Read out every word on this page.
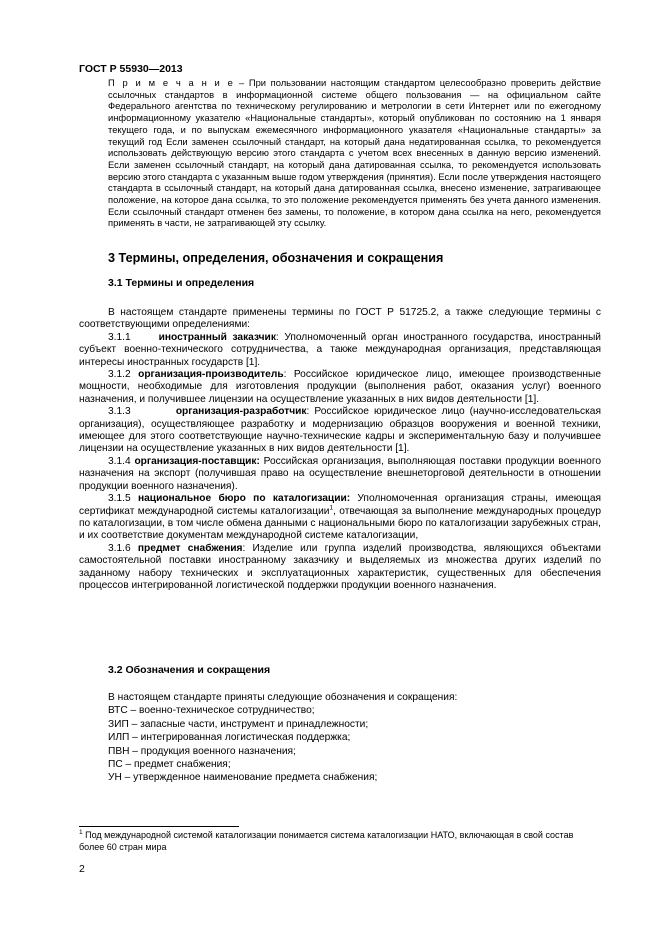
ГОСТ Р 55930—2013
П р и м е ч а н и е – При пользовании настоящим стандартом целесообразно проверить действие ссылочных стандартов в информационной системе общего пользования — на официальном сайте Федерального агентства по техническому регулированию и метрологии в сети Интернет или по ежегодному информационному указателю «Национальные стандарты», который опубликован по состоянию на 1 января текущего года, и по выпускам ежемесячного информационного указателя «Национальные стандарты» за текущий год Если заменен ссылочный стандарт, на который дана недатированная ссылка, то рекомендуется использовать действующую версию этого стандарта с учетом всех внесенных в данную версию изменений. Если заменен ссылочный стандарт, на который дана датированная ссылка, то рекомендуется использовать версию этого стандарта с указанным выше годом утверждения (принятия). Если после утверждения настоящего стандарта в ссылочный стандарт, на который дана датированная ссылка, внесено изменение, затрагивающее положение, на которое дана ссылка, то это положение рекомендуется применять без учета данного изменения. Если ссылочный стандарт отменен без замены, то положение, в котором дана ссылка на него, рекомендуется применять в части, не затрагивающей эту ссылку.
3 Термины, определения, обозначения и сокращения
3.1 Термины и определения

В настоящем стандарте применены термины по ГОСТ Р 51725.2, а также следующие термины с соответствующими определениями:

3.1.1	иностранный заказчик: Уполномоченный орган иностранного государства, иностранный субъект военно-технического сотрудничества, а также международная организация, представляющая интересы иностранных государств [1].

3.1.2 организация-производитель: Российское юридическое лицо, имеющее производственные мощности, необходимые для изготовления продукции (выполнения работ, оказания услуг) военного назначения, и получившее лицензии на осуществление указанных в них видов деятельности [1].

3.1.3	организация-разработчик: Российское юридическое лицо (научно-исследовательская организация), осуществляющее разработку и модернизацию образцов вооружения и военной техники, имеющее для этого соответствующие научно-технические кадры и экспериментальную базу и получившее лицензии на осуществление указанных в них видов деятельности [1].

3.1.4 организация-поставщик: Российская организация, выполняющая поставки продукции военного назначения на экспорт (получившая право на осуществление внешнеторговой деятельности в отношении продукции военного назначения).

3.1.5 национальное бюро по каталогизации: Уполномоченная организация страны, имеющая сертификат международной системы каталогизации$^1$, отвечающая за выполнение международных процедур по каталогизации, в том числе обмена данными с национальными бюро по каталогизации зарубежных стран, и их соответствие документам международной системе каталогизации,

3.1.6 предмет снабжения: Изделие или группа изделий производства, являющихся объектами самостоятельной поставки иностранному заказчику и выделяемых из множества других изделий по заданному набору технических и эксплуатационных характеристик, существенных для обеспечения процессов интегрированной логистической поддержки продукции военного назначения.

3.2 Обозначения и сокращения
В настоящем стандарте приняты следующие обозначения и сокращения:
ВТС – военно-техническое сотрудничество;
ЗИП – запасные части, инструмент и принадлежности;
ИЛП – интегрированная логистическая поддержка;
ПВН – продукция военного назначения;
ПС – предмет снабжения;
УН – утвержденное наименование предмета снабжения;
$^1$ Под международной системой каталогизации понимается система каталогизации НАТО, включающая в свой состав более 60 стран мира
2
